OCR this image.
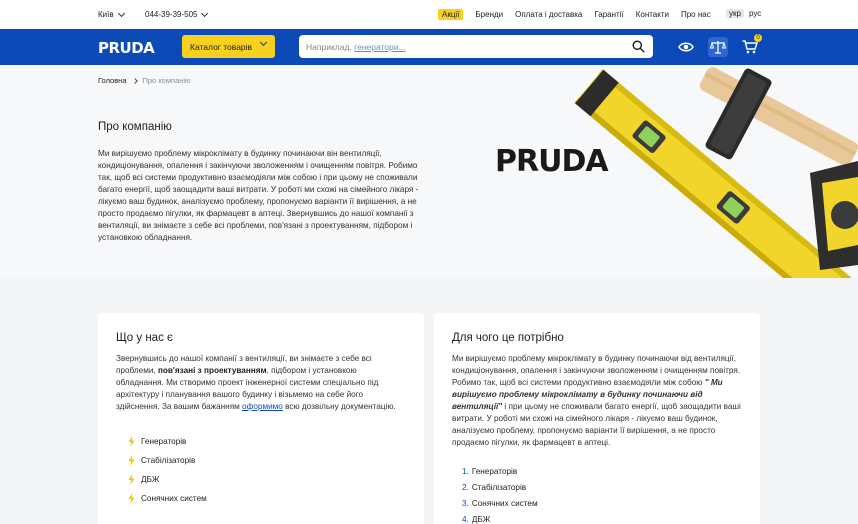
Київ	044-39-39-505	Акції	Бренди Оплата і доставка Гарантії Контакти Про нас	укр	рус
PRUDA	Каталог товарів	Наприклад,
генератори...
0
Головна Про компанію
Про компанію

Ми вирішуємо проблему мікроклімату в будинку починаючи він вентиляції, кондиціонування, опалення і закінчуючи зволоженням і очищенням повітря. Робимо так, щоб всі системи продуктивно взаємодіяли між собою і при цьому не споживали багато енергії, щоб заощадити ваші витрати. У роботі ми схожі на сімейного лікаря - лікуємо ваш будинок, аналізуємо проблему, пропонуємо варіанти її вирішення, а не просто продаємо пігулки, як фармацевт в аптеці. Звернувшись до нашої компанії з вентиляції, ви знімаєте з себе всі проблеми, пов'язані з проектуванням, підбором і установкою обладнання.

PRUDA
Що у нас є
Звернувшись до нашої компанії з вентиляції, ви знімаєте з себе всі проблеми, пов'язані з проектуванням, підбором і установкою обладнання. Ми створимо проект інженерної системи спеціально під архітектуру і планування вашого будинку і візьмемо на себе його здійснення. За вашим бажанням оформимо всю дозвільну документацію.
Генераторів
Стабілізаторів
ДБЖ
Сонячних систем
Для чого це потрібно
Ми вирішуємо проблему мікроклімату в будинку починаючи від вентиляції, кондиціонування, опалення і закінчуючи зволоженням і очищенням повітря. Робимо так, щоб всі системи продуктивно взаємодіяли між собою " Ми вирішуємо проблему мікроклімату в будинку починаючи від вентиляції" і при цьому не споживали багато енергії, щоб заощадити ваші витрати. У роботі ми схожі на сімейного лікаря - лікуємо ваш будинок, аналізуємо проблему, пропонуємо варіанти її вирішення, а не просто продаємо пігулки, як фармацевт в аптеці.
1. Генераторів
2. Стабілізаторів
3. Сонячних систем
4. ДБЖ
